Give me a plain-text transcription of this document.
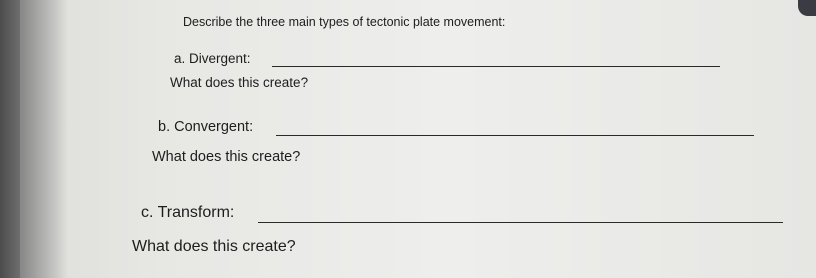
Describe the three main types of tectonic plate movement:
a. Divergent:
What does this create?
b. Convergent:
What does this create?
c. Transform:
What does this create?
